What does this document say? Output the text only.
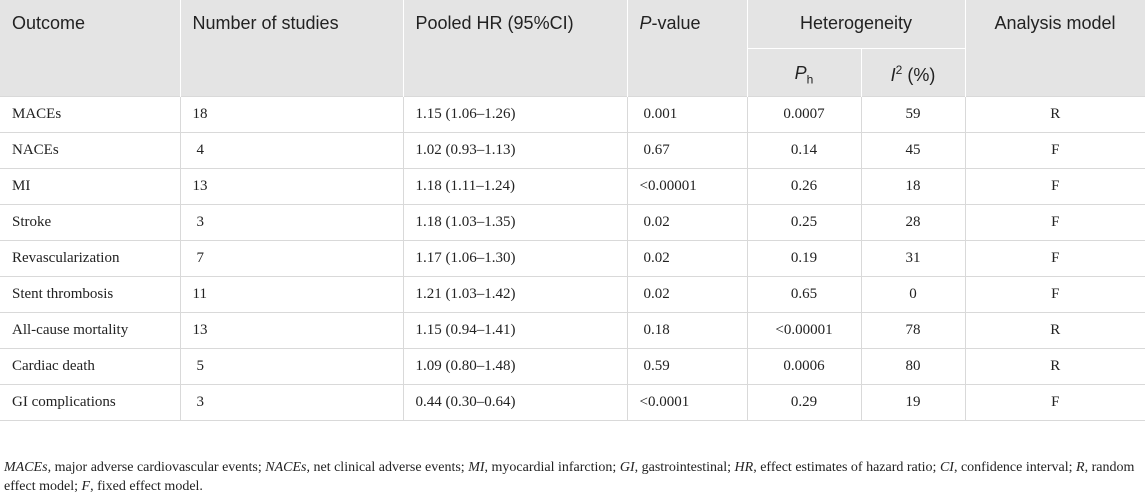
Outcome	Number of studies	Pooled HR (95%CI)	P-value	Heterogeneity		Analysis model
				$P_h$	$I^2$ (%)	
MACEs	18	1.15 (1.06–1.26)	0.001	0.0007	59	R
NACEs	4	1.02 (0.93–1.13)	0.67	0.14	45	F
MI	13	1.18 (1.11–1.24)	<0.00001	0.26	18	F
Stroke	3	1.18 (1.03–1.35)	0.02	0.25	28	F
Revascularization	7	1.17 (1.06–1.30)	0.02	0.19	31	F
Stent thrombosis	11	1.21 (1.03–1.42)	0.02	0.65	0	F
All-cause mortality	13	1.15 (0.94–1.41)	0.18	<0.00001	78	R
Cardiac death	5	1.09 (0.80–1.48)	0.59	0.0006	80	R
GI complications	3	0.44 (0.30–0.64)	<0.0001	0.29	19	F
MACEs, major adverse cardiovascular events; NACEs, net clinical adverse events; MI, myocardial infarction; GI, gastrointestinal; HR, effect estimates of hazard ratio; CI, confidence interval; R, random effect model; F, fixed effect model.
